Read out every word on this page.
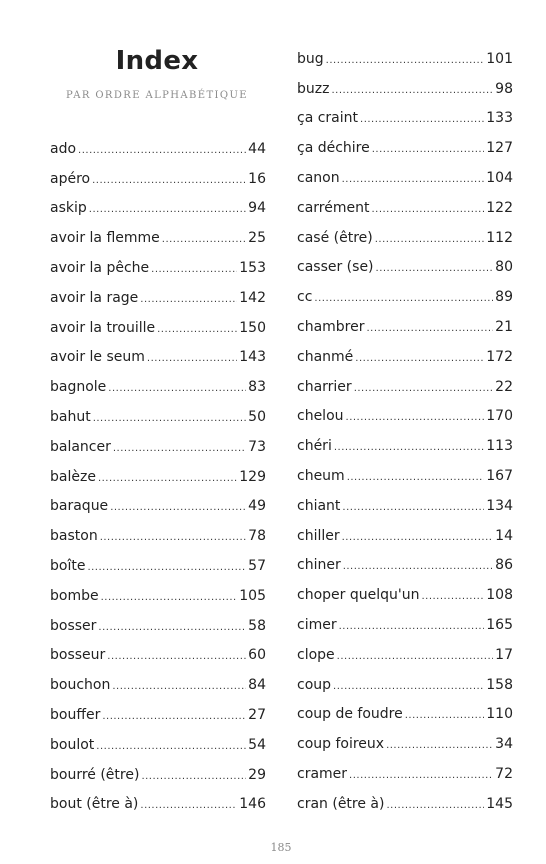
Index
PAR ORDRE ALPHABÉTIQUE
ado .....	44
apéro .....	16
askip .....	94
avoir la flemme .....	25
avoir la pêche .....	153
avoir la rage .....	142
avoir la trouille .....	150
avoir le seum .....	143
bagnole .....	83
bahut .....	50
balancer .....	73
balèze .....	129
baraque .....	49
baston .....	78
boîte .....	57
bombe .....	105
bosser .....	58
bosseur .....	60
bouchon .....	84
bouffer .....	27
boulot .....	54
bourré (être) .....	29
bout (être à) .....	146
bug .....	101
buzz .....	98
ça craint .....	133
ça déchire .....	127
canon .....	104
carrément .....	122
casé (être) .....	112
casser (se) .....	80
cc .....	89
chambrer .....	21
chanmé .....	172
charrier .....	22
chelou .....	170
chéri .....	113
cheum .....	167
chiant .....	134
chiller .....	14
chiner .....	86
choper quelqu'un .....	108
cimer .....	165
clope .....	17
coup .....	158
coup de foudre .....	110
coup foireux .....	34
cramer .....	72
cran (être à) .....	145
185
